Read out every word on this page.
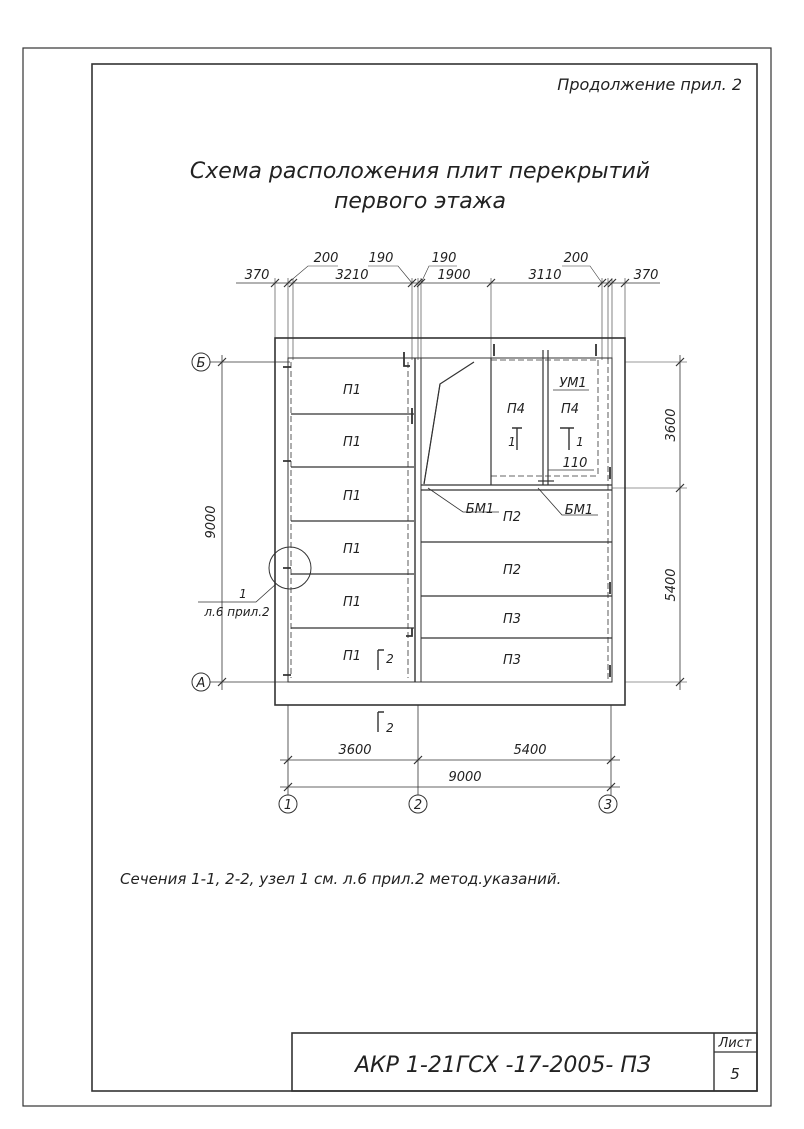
Продолжение прил. 2
Схема расположения плит перекрытий
первого этажа
Б
А
1	2	3
370	3210	1900	3110	370
200 190	190	200
9000
3600
5400
3600	5400
9000
П1
П1
П1
П1
П1
П1
П2
П2
П3
П3
П4	П4
УМ1
БМ1	БМ1
110
1	1
2
2
1
л.6 прил.2
Сечения 1-1, 2-2, узел 1 см. л.6 прил.2 метод.указаний.
АКР 1-21ГСХ -17-2005- ПЗ
Лист
5
